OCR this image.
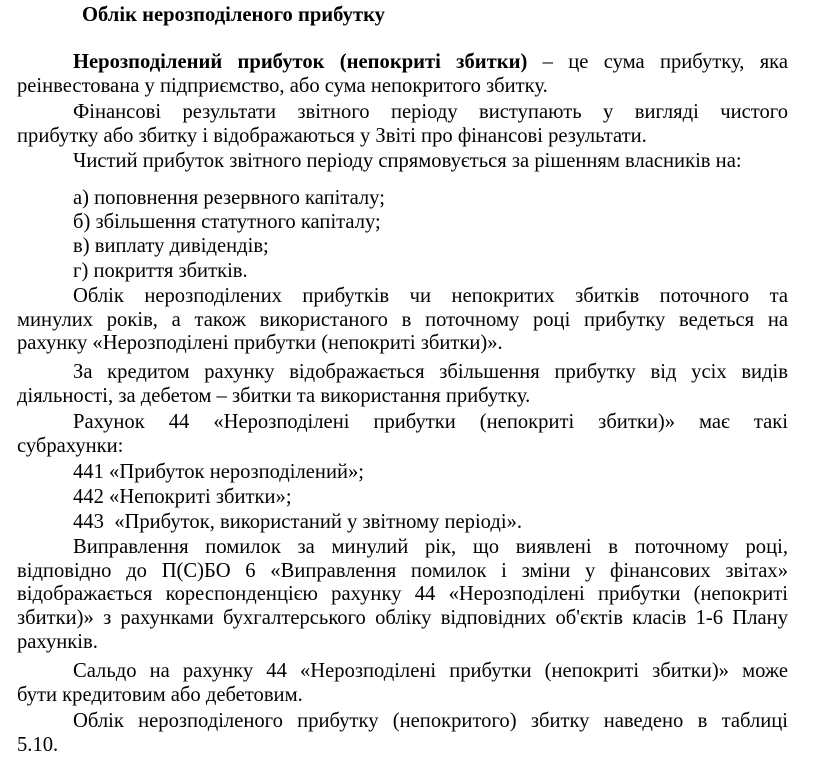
Облік нерозподіленого прибутку
Нерозподілений прибуток (непокриті збитки) – це сума прибутку, яка
реінвестована у підприємство, або сума непокритого збитку.
Фінансові результати звітного періоду виступають у вигляді чистого
прибутку або збитку і відображаються у Звіті про фінансові результати.
Чистий прибуток звітного періоду спрямовується за рішенням власників на:

а) поповнення резервного капіталу;

б) збільшення статутного капіталу;

в) виплату дивідендів;

г) покриття збитків.

Облік нерозподілених прибутків чи непокритих збитків поточного та
минулих років, а також використаного в поточному році прибутку ведеться на
рахунку «Нерозподілені прибутки (непокриті збитки)».
За кредитом рахунку відображається збільшення прибутку від усіх видів
діяльності, за дебетом – збитки та використання прибутку.
Рахунок 44 «Нерозподілені прибутки (непокриті збитки)» має такі
субрахунки:

441 «Прибуток нерозподілений»;

442 «Непокриті збитки»;

443  «Прибуток, використаний у звітному періоді».

Виправлення помилок за минулий рік, що виявлені в поточному році,
відповідно до П(С)БО 6 «Виправлення помилок і зміни у фінансових звітах»
відображається кореспонденцією рахунку 44 «Нерозподілені прибутки (непокриті
збитки)» з рахунками бухгалтерського обліку відповідних об'єктів класів 1-6 Плану
рахунків.
Сальдо на рахунку 44 «Нерозподілені прибутки (непокриті збитки)» може
бути кредитовим або дебетовим.
Облік нерозподіленого прибутку (непокритого) збитку наведено в таблиці
5.10.
